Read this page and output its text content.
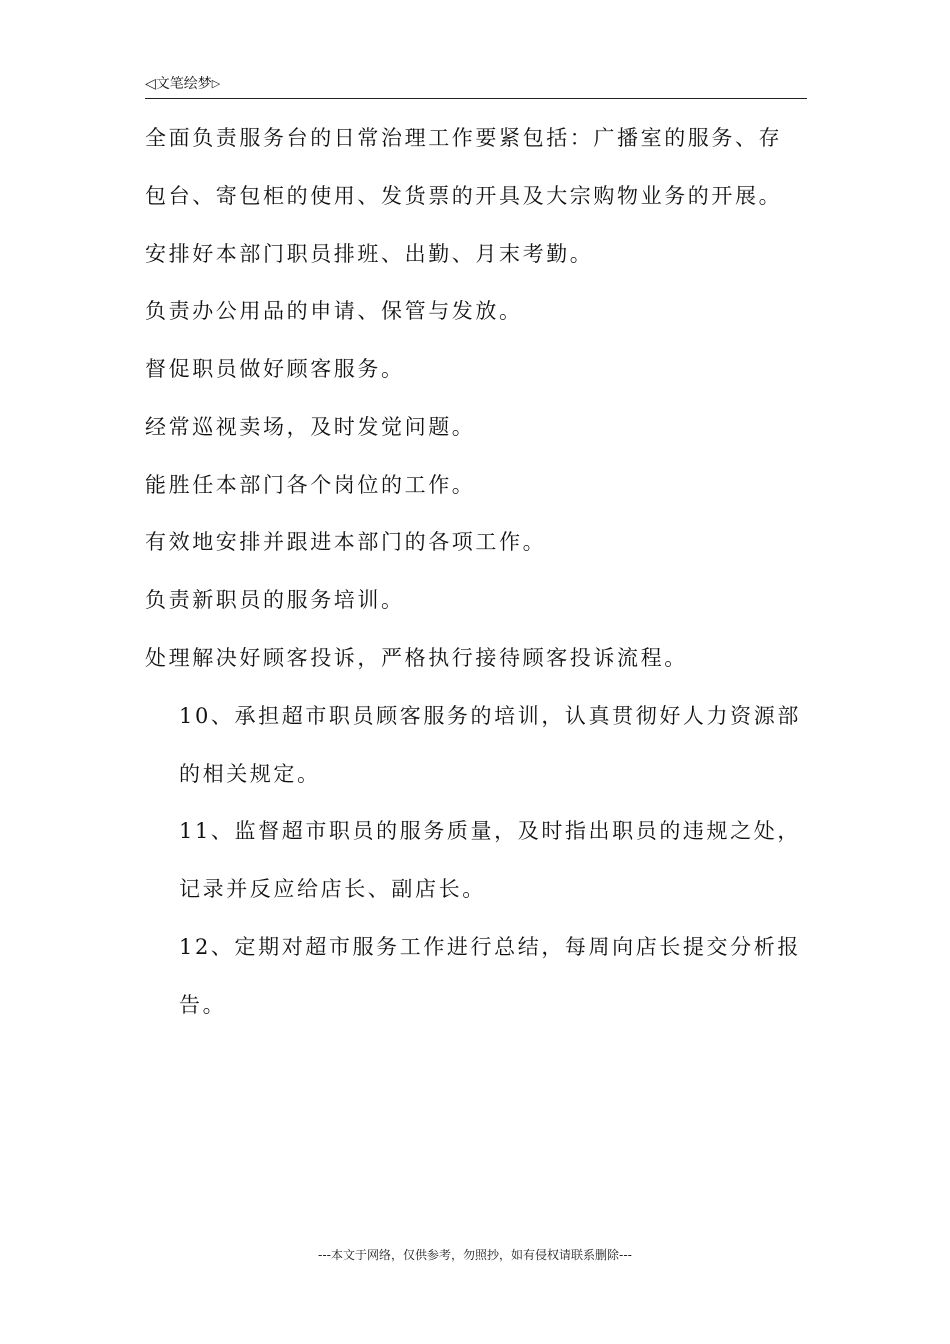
◁文笔绘梦▷
全面负责服务台的日常治理工作要紧包括：广播室的服务、存
包台、寄包柜的使用、发货票的开具及大宗购物业务的开展。
安排好本部门职员排班、出勤、月末考勤。
负责办公用品的申请、保管与发放。
督促职员做好顾客服务。
经常巡视卖场，及时发觉问题。
能胜任本部门各个岗位的工作。
有效地安排并跟进本部门的各项工作。
负责新职员的服务培训。
处理解决好顾客投诉，严格执行接待顾客投诉流程。
10、承担超市职员顾客服务的培训，认真贯彻好人力资源部
的相关规定。
11、监督超市职员的服务质量，及时指出职员的违规之处，
记录并反应给店长、副店长。
12、定期对超市服务工作进行总结，每周向店长提交分析报
告。
---本文于网络，仅供参考，勿照抄，如有侵权请联系删除---
